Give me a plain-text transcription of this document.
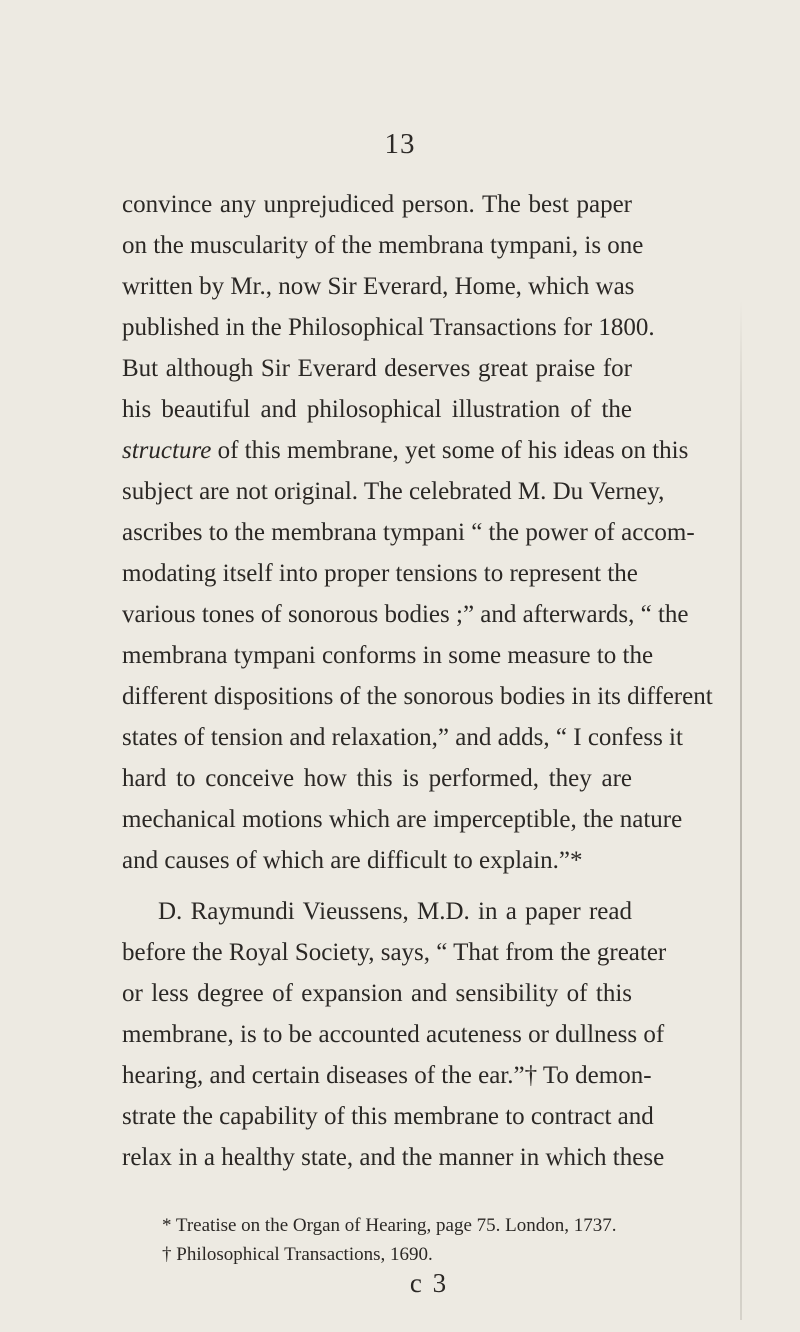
13
convince any unprejudiced person. The best paper
on the muscularity of the membrana tympani, is one
written by Mr., now Sir Everard, Home, which was
published in the Philosophical Transactions for 1800.
But although Sir Everard deserves great praise for
his beautiful and philosophical illustration of the
structure of this membrane, yet some of his ideas on this
subject are not original. The celebrated M. Du Verney,
ascribes to the membrana tympani “ the power of accom-
modating itself into proper tensions to represent the
various tones of sonorous bodies ;” and afterwards, “ the
membrana tympani conforms in some measure to the
different dispositions of the sonorous bodies in its different
states of tension and relaxation,” and adds, “ I confess it
hard to conceive how this is performed, they are
mechanical motions which are imperceptible, the nature
and causes of which are difficult to explain.”*
D. Raymundi Vieussens, M.D. in a paper read
before the Royal Society, says, “ That from the greater
or less degree of expansion and sensibility of this
membrane, is to be accounted acuteness or dullness of
hearing, and certain diseases of the ear.”† To demon-
strate the capability of this membrane to contract and
relax in a healthy state, and the manner in which these
* Treatise on the Organ of Hearing, page 75. London, 1737.
† Philosophical Transactions, 1690.
c 3
